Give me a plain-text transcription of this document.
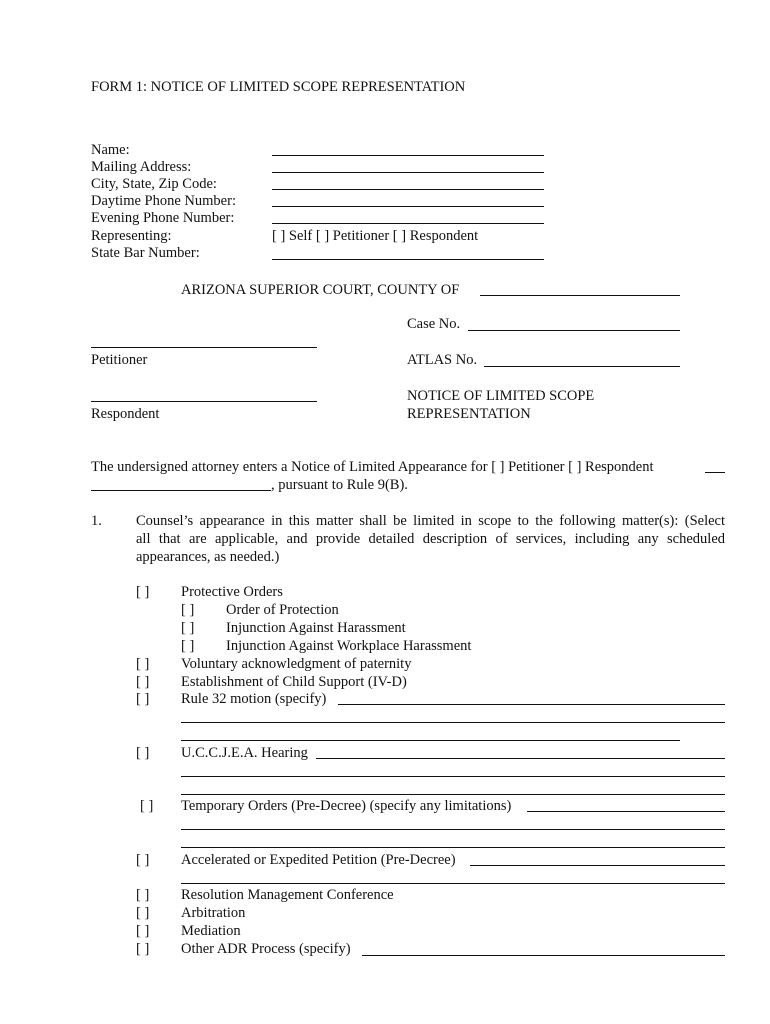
FORM 1: NOTICE OF LIMITED SCOPE REPRESENTATION
Name:
Mailing Address:
City, State, Zip Code:
Daytime Phone Number:
Evening Phone Number:
Representing:	[ ] Self [ ] Petitioner [ ] Respondent
State Bar Number:
ARIZONA SUPERIOR COURT, COUNTY OF
Case No.
Petitioner	ATLAS No.
NOTICE OF LIMITED SCOPE
Respondent	REPRESENTATION
The undersigned attorney enters a Notice of Limited Appearance for [ ] Petitioner [ ] Respondent
, pursuant to Rule 9(B).
1. Counsel’s appearance in this matter shall be limited in scope to the following matter(s): (Select
all that are applicable, and provide detailed description of services, including any scheduled
appearances, as needed.)
[ ] Protective Orders
[ ] Order of Protection
[ ] Injunction Against Harassment
[ ] Injunction Against Workplace Harassment
[ ] Voluntary acknowledgment of paternity
[ ] Establishment of Child Support (IV-D)
[ ] Rule 32 motion (specify)
[ ] U.C.C.J.E.A. Hearing
[ ] Temporary Orders (Pre-Decree) (specify any limitations)
[ ] Accelerated or Expedited Petition (Pre-Decree)
[ ] Resolution Management Conference
[ ] Arbitration
[ ] Mediation
[ ] Other ADR Process (specify)
